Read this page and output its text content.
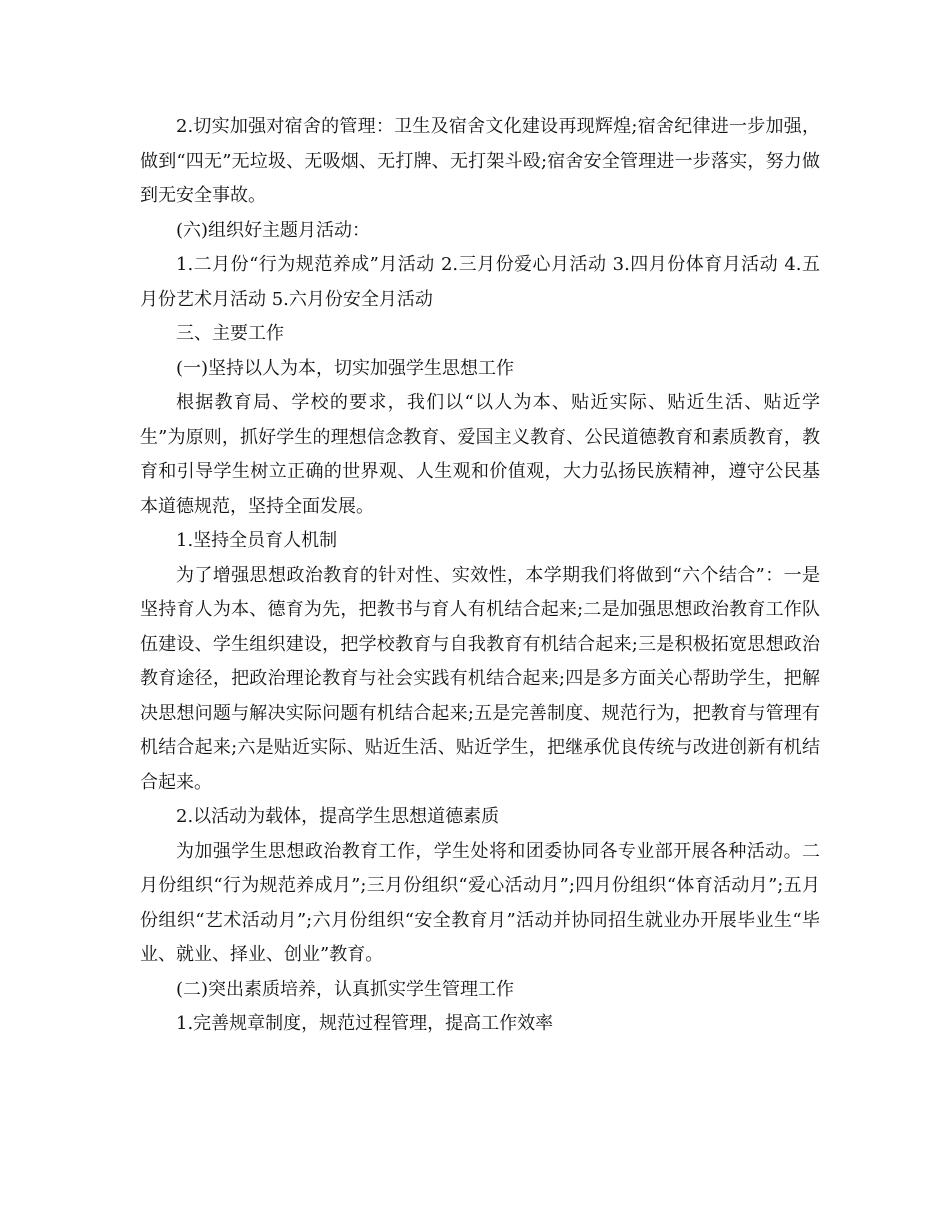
2.切实加强对宿舍的管理：卫生及宿舍文化建设再现辉煌;宿舍纪律进一步加强，做到“四无”无垃圾、无吸烟、无打牌、无打架斗殴;宿舍安全管理进一步落实，努力做到无安全事故。

(六)组织好主题月活动：

1.二月份“行为规范养成”月活动 2.三月份爱心月活动 3.四月份体育月活动 4.五月份艺术月活动 5.六月份安全月活动

三、主要工作

(一)坚持以人为本，切实加强学生思想工作

根据教育局、学校的要求，我们以“以人为本、贴近实际、贴近生活、贴近学生”为原则，抓好学生的理想信念教育、爱国主义教育、公民道德教育和素质教育，教育和引导学生树立正确的世界观、人生观和价值观，大力弘扬民族精神，遵守公民基本道德规范，坚持全面发展。

1.坚持全员育人机制

为了增强思想政治教育的针对性、实效性，本学期我们将做到“六个结合”：一是坚持育人为本、德育为先，把教书与育人有机结合起来;二是加强思想政治教育工作队伍建设、学生组织建设，把学校教育与自我教育有机结合起来;三是积极拓宽思想政治教育途径，把政治理论教育与社会实践有机结合起来;四是多方面关心帮助学生，把解决思想问题与解决实际问题有机结合起来;五是完善制度、规范行为，把教育与管理有机结合起来;六是贴近实际、贴近生活、贴近学生，把继承优良传统与改进创新有机结合起来。

2.以活动为载体，提高学生思想道德素质

为加强学生思想政治教育工作，学生处将和团委协同各专业部开展各种活动。二月份组织“行为规范养成月”;三月份组织“爱心活动月”;四月份组织“体育活动月”;五月份组织“艺术活动月”;六月份组织“安全教育月”活动并协同招生就业办开展毕业生“毕业、就业、择业、创业”教育。

(二)突出素质培养，认真抓实学生管理工作

1.完善规章制度，规范过程管理，提高工作效率
